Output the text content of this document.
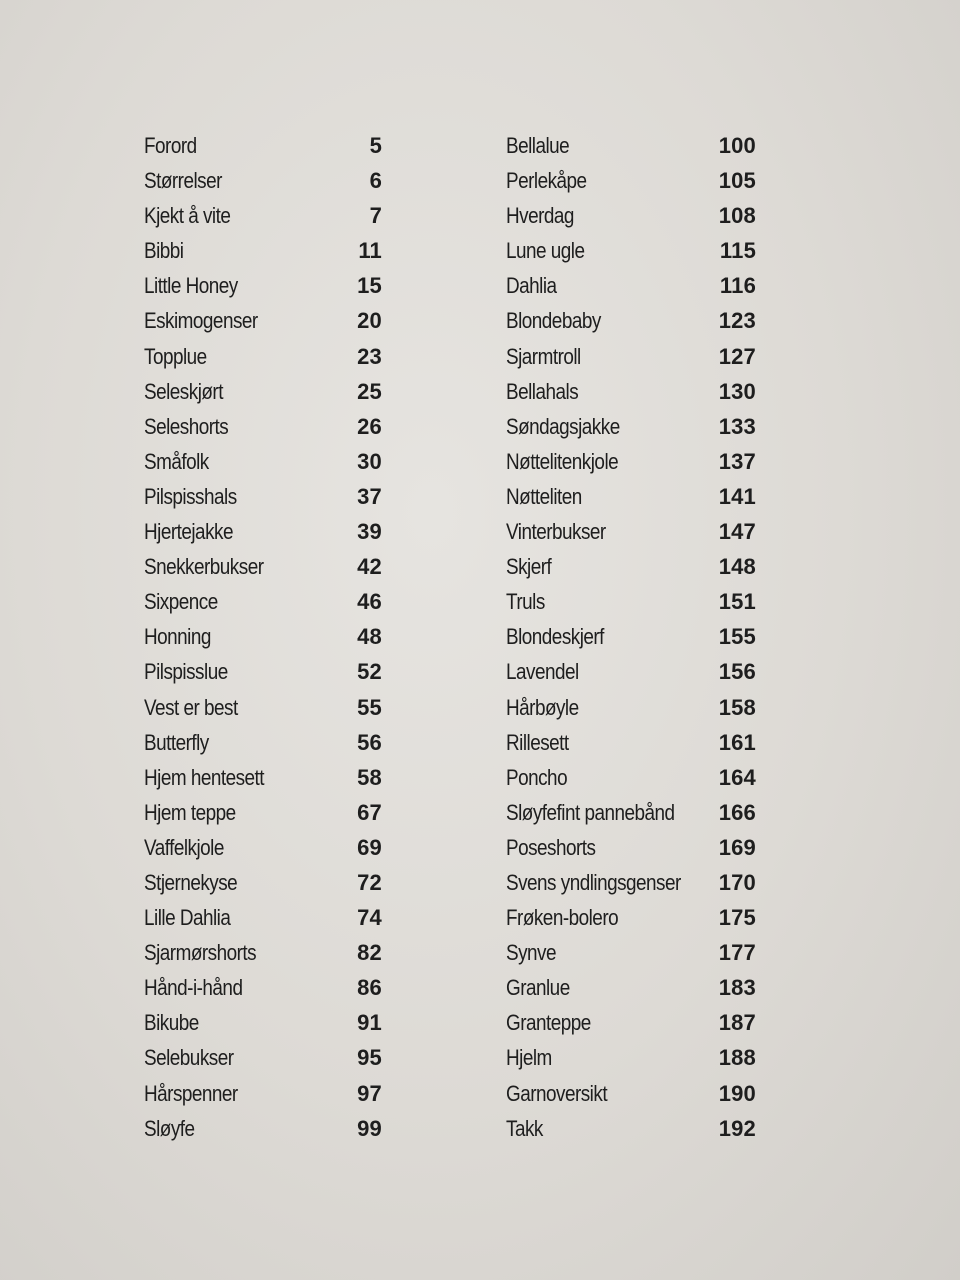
Forord	5
Størrelser	6
Kjekt å vite	7
Bibbi	11
Little Honey	15
Eskimogenser	20
Topplue	23
Seleskjørt	25
Seleshorts	26
Småfolk	30
Pilspisshals	37
Hjertejakke	39
Snekkerbukser	42
Sixpence	46
Honning	48
Pilspisslue	52
Vest er best	55
Butterfly	56
Hjem hentesett	58
Hjem teppe	67
Vaffelkjole	69
Stjernekyse	72
Lille Dahlia	74
Sjarmørshorts	82
Hånd-i-hånd	86
Bikube	91
Selebukser	95
Hårspenner	97
Sløyfe	99
Bellalue	100
Perlekåpe	105
Hverdag	108
Lune ugle	115
Dahlia	116
Blondebaby	123
Sjarmtroll	127
Bellahals	130
Søndagsjakke	133
Nøttelitenkjole	137
Nøtteliten	141
Vinterbukser	147
Skjerf	148
Truls	151
Blondeskjerf	155
Lavendel	156
Hårbøyle	158
Rillesett	161
Poncho	164
Sløyfefint pannebånd 166
Poseshorts	169
Svens yndlingsgenser 170
Frøken-bolero	175
Synve	177
Granlue	183
Granteppe	187
Hjelm	188
Garnoversikt	190
Takk	192
